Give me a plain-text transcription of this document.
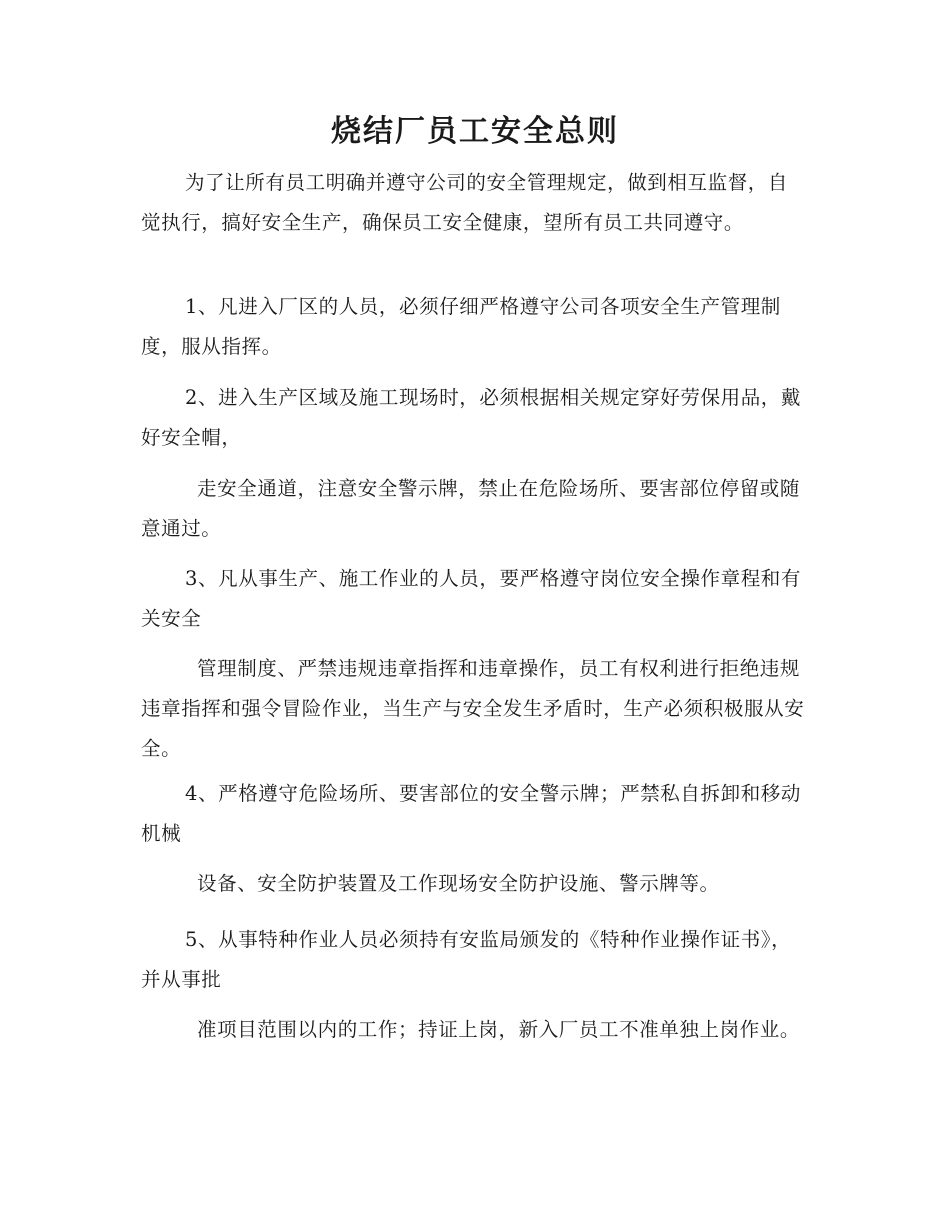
烧结厂员工安全总则

为了让所有员工明确并遵守公司的安全管理规定，做到相互监督，自觉执行，搞好安全生产，确保员工安全健康，望所有员工共同遵守。

1、凡进入厂区的人员，必须仔细严格遵守公司各项安全生产管理制度，服从指挥。

2、进入生产区域及施工现场时，必须根据相关规定穿好劳保用品，戴好安全帽，

走安全通道，注意安全警示牌，禁止在危险场所、要害部位停留或随意通过。

3、凡从事生产、施工作业的人员，要严格遵守岗位安全操作章程和有关安全

管理制度、严禁违规违章指挥和违章操作，员工有权利进行拒绝违规违章指挥和强令冒险作业，当生产与安全发生矛盾时，生产必须积极服从安全。

4、严格遵守危险场所、要害部位的安全警示牌；严禁私自拆卸和移动机械

设备、安全防护装置及工作现场安全防护设施、警示牌等。

5、从事特种作业人员必须持有安监局颁发的《特种作业操作证书》，并从事批

准项目范围以内的工作；持证上岗，新入厂员工不准单独上岗作业。
